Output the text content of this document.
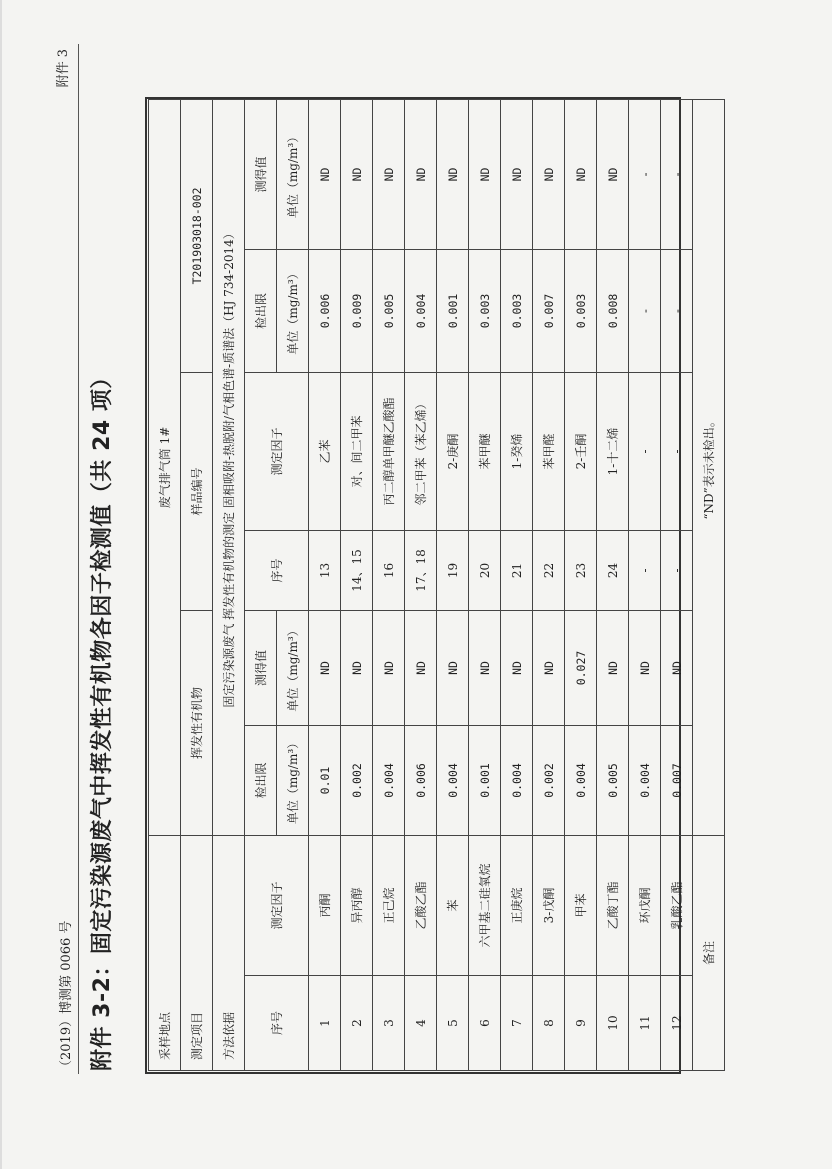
附件 3
（2019）博测第 0066 号 附件 3-2：固定污染源废气中挥发性有机物各因子检测值（共 24 项）	采样地点		废气排气筒 1#					
测定项目		挥发性有机物		样品编号		T201903018-002	
方法依据		固定污染源废气 挥发性有机物的测定 固相吸附-热脱附/气相色谱-质谱法（HJ 734-2014）					
序号	测定因子	检出限	测得值	序号	测定因子	检出限	测得值
		单位（mg/m³）	单位（mg/m³）			单位（mg/m³）	单位（mg/m³）
1	丙酮	0.01	ND	13	乙苯	0.006	ND
2	异丙醇	0.002	ND	14、15	对、间二甲苯	0.009	ND
3	正己烷	0.004	ND	16	丙二醇单甲醚乙酸酯	0.005	ND
4	乙酸乙酯	0.006	ND	17、18	邻二甲苯（苯乙烯）	0.004	ND
5	苯	0.004	ND	19	2-庚酮	0.001	ND
6	六甲基二硅氧烷	0.001	ND	20	苯甲醚	0.003	ND
7	正庚烷	0.004	ND	21	1-癸烯	0.003	ND
8	3-戊酮	0.002	ND	22	苯甲醛	0.007	ND
9	甲苯	0.004	0.027	23	2-壬酮	0.003	ND
10	乙酸丁酯	0.005	ND	24	1-十二烯	0.008	ND
11	环戊酮	0.004	ND	-	-	-	-
12	乳酸乙酯	0.007	ND	-	-	-	-
备注		“ND”表示未检出。					
